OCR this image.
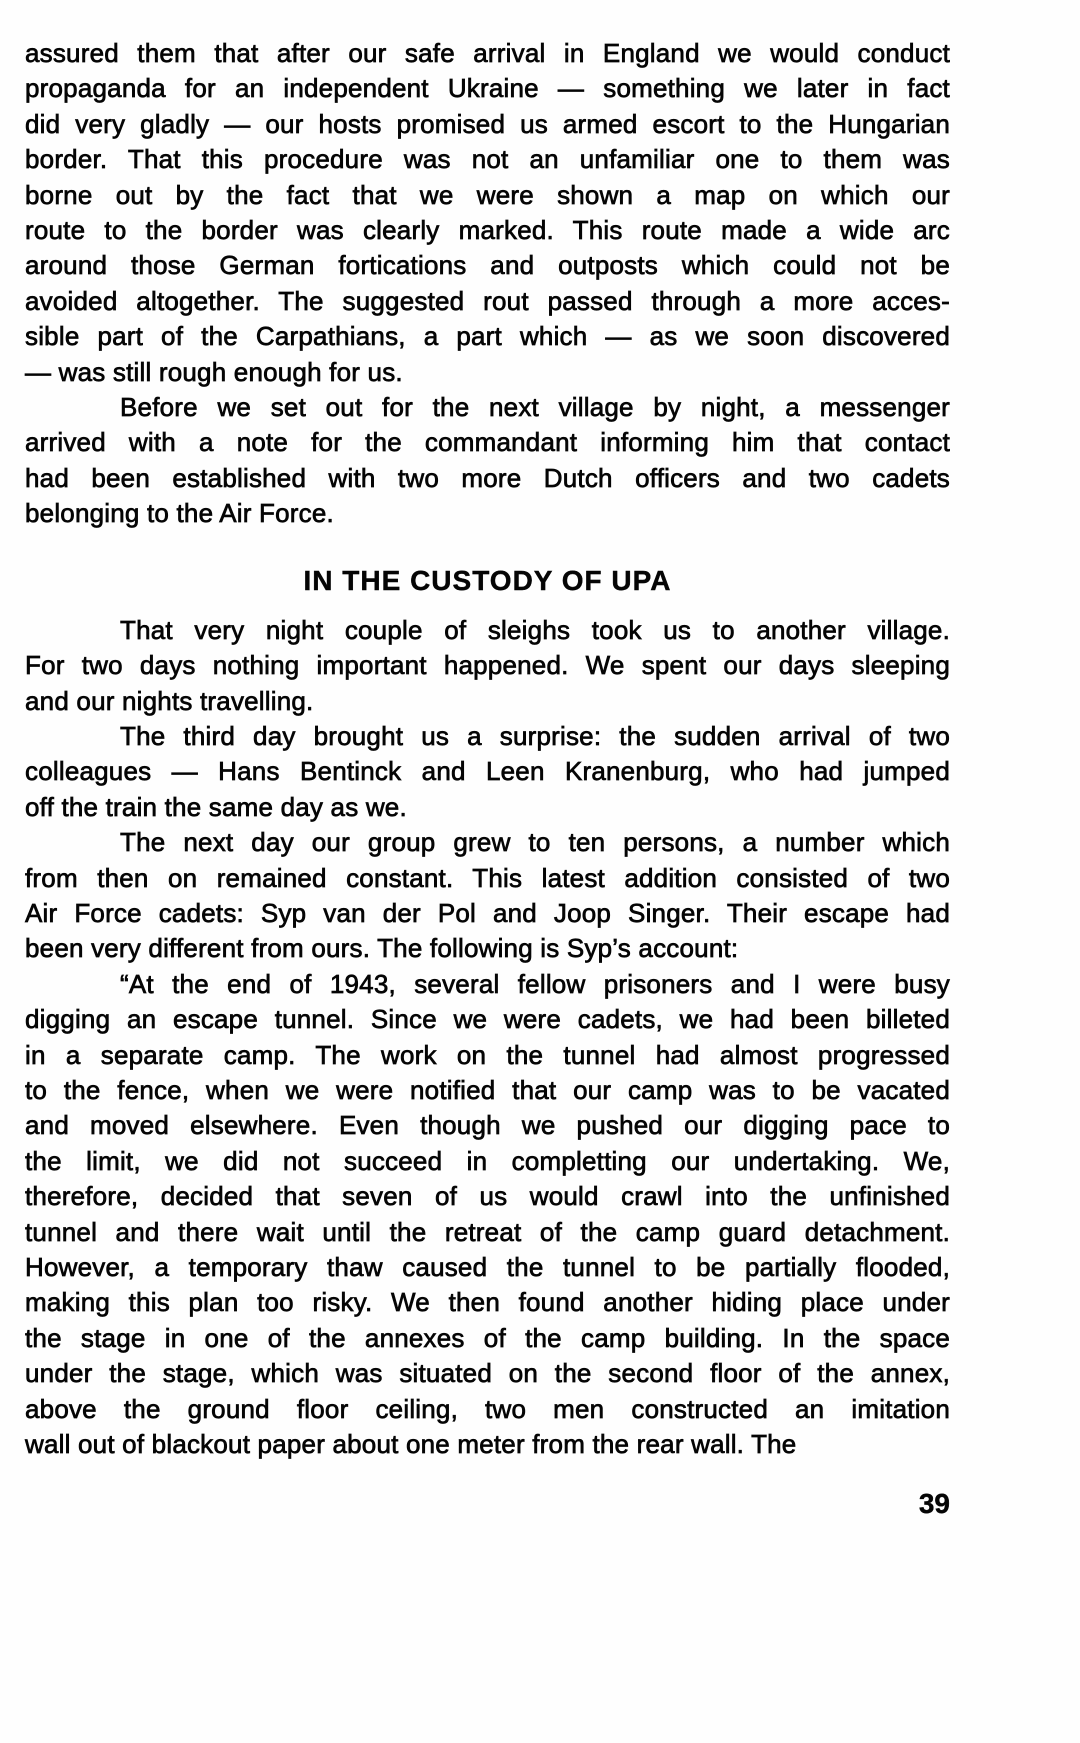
assured them that after our safe arrival in England we would conduct
propaganda for an independent Ukraine — something we later in fact
did very gladly — our hosts promised us armed escort to the Hungarian
border. That this procedure was not an unfamiliar one to them was
borne out by the fact that we were shown a map on which our
route to the border was clearly marked. This route made a wide arc
around those German fortications and outposts which could not be
avoided altogether. The suggested rout passed through a more acces-
sible part of the Carpathians, a part which — as we soon discovered
— was still rough enough for us.
Before we set out for the next village by night, a messenger
arrived with a note for the commandant informing him that contact
had been established with two more Dutch officers and two cadets
belonging to the Air Force.
IN THE CUSTODY OF UPA
That very night couple of sleighs took us to another village.
For two days nothing important happened. We spent our days sleeping
and our nights travelling.
The third day brought us a surprise: the sudden arrival of two
colleagues — Hans Bentinck and Leen Kranenburg, who had jumped
off the train the same day as we.
The next day our group grew to ten persons, a number which
from then on remained constant. This latest addition consisted of two
Air Force cadets: Syp van der Pol and Joop Singer. Their escape had
been very different from ours. The following is Syp’s account:
“At the end of 1943, several fellow prisoners and I were busy
digging an escape tunnel. Since we were cadets, we had been billeted
in a separate camp. The work on the tunnel had almost progressed
to the fence, when we were notified that our camp was to be vacated
and moved elsewhere. Even though we pushed our digging pace to
the limit, we did not succeed in completting our undertaking. We,
therefore, decided that seven of us would crawl into the unfinished
tunnel and there wait until the retreat of the camp guard detachment.
However, a temporary thaw caused the tunnel to be partially flooded,
making this plan too risky. We then found another hiding place under
the stage in one of the annexes of the camp building. In the space
under the stage, which was situated on the second floor of the annex,
above the ground floor ceiling, two men constructed an imitation
wall out of blackout paper about one meter from the rear wall. The
39
